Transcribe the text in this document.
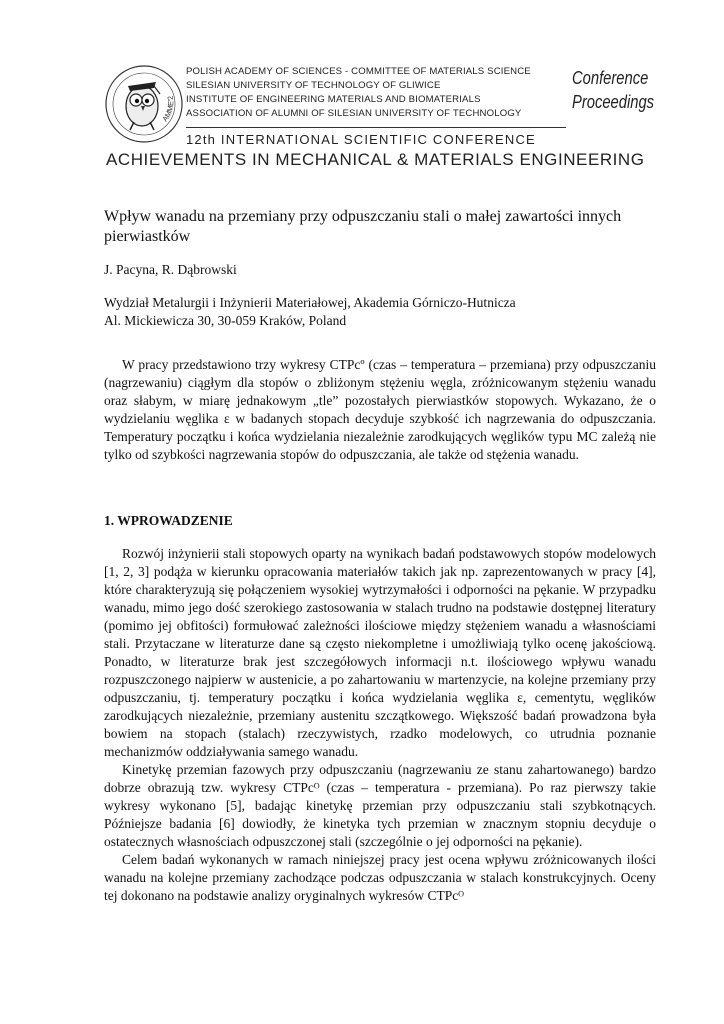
AMME'2
POLISH ACADEMY OF SCIENCES - COMMITTEE OF MATERIALS SCIENCE
SILESIAN UNIVERSITY OF TECHNOLOGY OF GLIWICE
INSTITUTE OF ENGINEERING MATERIALS AND BIOMATERIALS
ASSOCIATION OF ALUMNI OF SILESIAN UNIVERSITY OF TECHNOLOGY
Conference
Proceedings
12th INTERNATIONAL SCIENTIFIC CONFERENCE
ACHIEVEMENTS IN MECHANICAL & MATERIALS ENGINEERING
Wpływ wanadu na przemiany przy odpuszczaniu stali o małej zawartości innych pierwiastków
J. Pacyna, R. Dąbrowski
Wydział Metalurgii i Inżynierii Materiałowej, Akademia Górniczo-Hutnicza
Al. Mickiewicza 30, 30-059 Kraków, Poland

W pracy przedstawiono trzy wykresy CTPcº (czas – temperatura – przemiana) przy odpuszczaniu (nagrzewaniu) ciągłym dla stopów o zbliżonym stężeniu węgla, zróżnicowanym stężeniu wanadu oraz słabym, w miarę jednakowym „tle” pozostałych pierwiastków stopowych. Wykazano, że o wydzielaniu węglika ε w badanych stopach decyduje szybkość ich nagrzewania do odpuszczania. Temperatury początku i końca wydzielania niezależnie zarodkujących węglików typu MC zależą nie tylko od szybkości nagrzewania stopów do odpuszczania, ale także od stężenia wanadu.

1. WPROWADZENIE

Rozwój inżynierii stali stopowych oparty na wynikach badań podstawowych stopów modelowych [1, 2, 3] podąża w kierunku opracowania materiałów takich jak np. zaprezentowanych w pracy [4], które charakteryzują się połączeniem wysokiej wytrzymałości i odporności na pękanie. W przypadku wanadu, mimo jego dość szerokiego zastosowania w stalach trudno na podstawie dostępnej literatury (pomimo jej obfitości) formułować zależności ilościowe między stężeniem wanadu a własnościami stali. Przytaczane w literaturze dane są często niekompletne i umożliwiają tylko ocenę jakościową. Ponadto, w literaturze brak jest szczegółowych informacji n.t. ilościowego wpływu wanadu rozpuszczonego najpierw w austenicie, a po zahartowaniu w martenzycie, na kolejne przemiany przy odpuszczaniu, tj. temperatury początku i końca wydzielania węglika ε, cementytu, węglików zarodkujących niezależnie, przemiany austenitu szczątkowego. Większość badań prowadzona była bowiem na stopach (stalach) rzeczywistych, rzadko modelowych, co utrudnia poznanie mechanizmów oddziaływania samego wanadu.

Kinetykę przemian fazowych przy odpuszczaniu (nagrzewaniu ze stanu zahartowanego) bardzo dobrze obrazują tzw. wykresy CTPcᴼ (czas – temperatura - przemiana). Po raz pierwszy takie wykresy wykonano [5], badając kinetykę przemian przy odpuszczaniu stali szybkotnących. Późniejsze badania [6] dowiodły, że kinetyka tych przemian w znacznym stopniu decyduje o ostatecznych własnościach odpuszczonej stali (szczególnie o jej odporności na pękanie).

Celem badań wykonanych w ramach niniejszej pracy jest ocena wpływu zróżnicowanych ilości wanadu na kolejne przemiany zachodzące podczas odpuszczania w stalach konstrukcyjnych. Oceny tej dokonano na podstawie analizy oryginalnych wykresów CTPcᴼ
